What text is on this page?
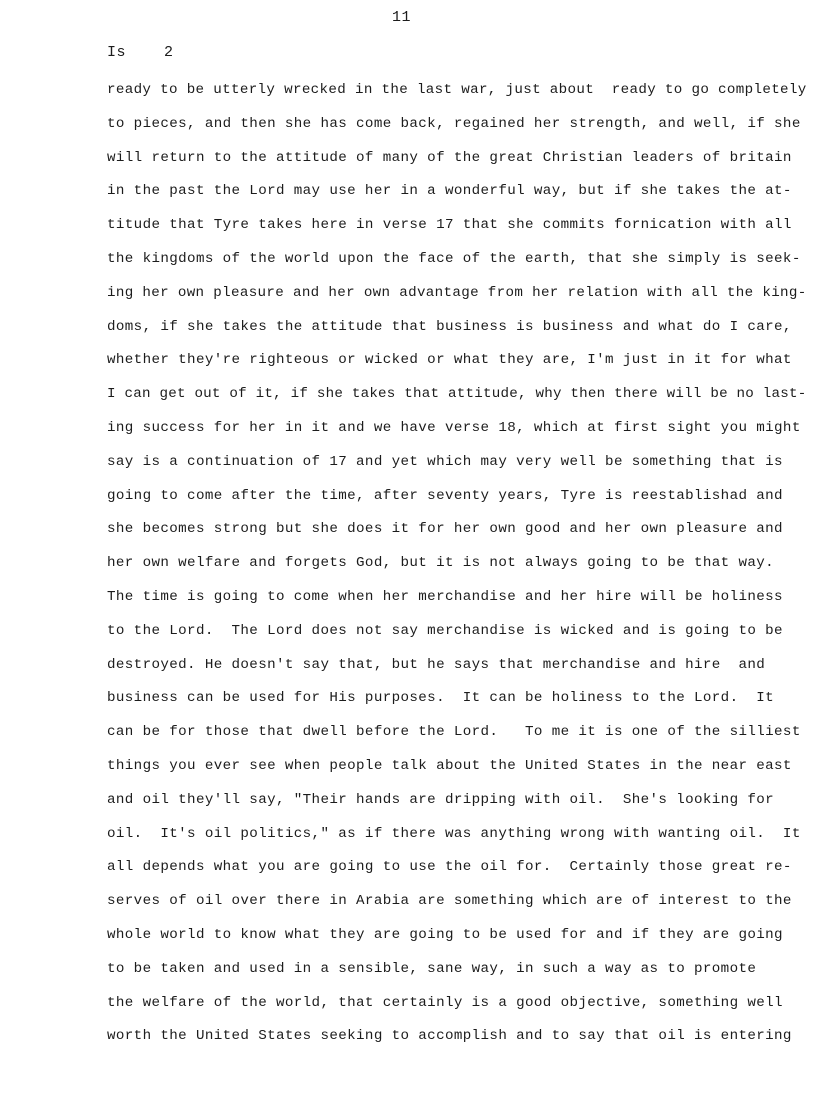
11
Is    2
ready to be utterly wrecked in the last war, just about  ready to go completely
to pieces, and then she has come back, regained her strength, and well, if she
will return to the attitude of many of the great Christian leaders of britain
in the past the Lord may use her in a wonderful way, but if she takes the at-
titude that Tyre takes here in verse 17 that she commits fornication with all
the kingdoms of the world upon the face of the earth, that she simply is seek-
ing her own pleasure and her own advantage from her relation with all the king-
doms, if she takes the attitude that business is business and what do I care,
whether they're righteous or wicked or what they are, I'm just in it for what
I can get out of it, if she takes that attitude, why then there will be no last-
ing success for her in it and we have verse 18, which at first sight you might
say is a continuation of 17 and yet which may very well be something that is
going to come after the time, after seventy years, Tyre is reestablishad and
she becomes strong but she does it for her own good and her own pleasure and
her own welfare and forgets God, but it is not always going to be that way.
The time is going to come when her merchandise and her hire will be holiness
to the Lord.  The Lord does not say merchandise is wicked and is going to be
destroyed. He doesn't say that, but he says that merchandise and hire  and
business can be used for His purposes.  It can be holiness to the Lord.  It
can be for those that dwell before the Lord.   To me it is one of the silliest
things you ever see when people talk about the United States in the near east
and oil they'll say, "Their hands are dripping with oil.  She's looking for
oil.  It's oil politics," as if there was anything wrong with wanting oil.  It
all depends what you are going to use the oil for.  Certainly those great re-
serves of oil over there in Arabia are something which are of interest to the
whole world to know what they are going to be used for and if they are going
to be taken and used in a sensible, sane way, in such a way as to promote
the welfare of the world, that certainly is a good objective, something well
worth the United States seeking to accomplish and to say that oil is entering
